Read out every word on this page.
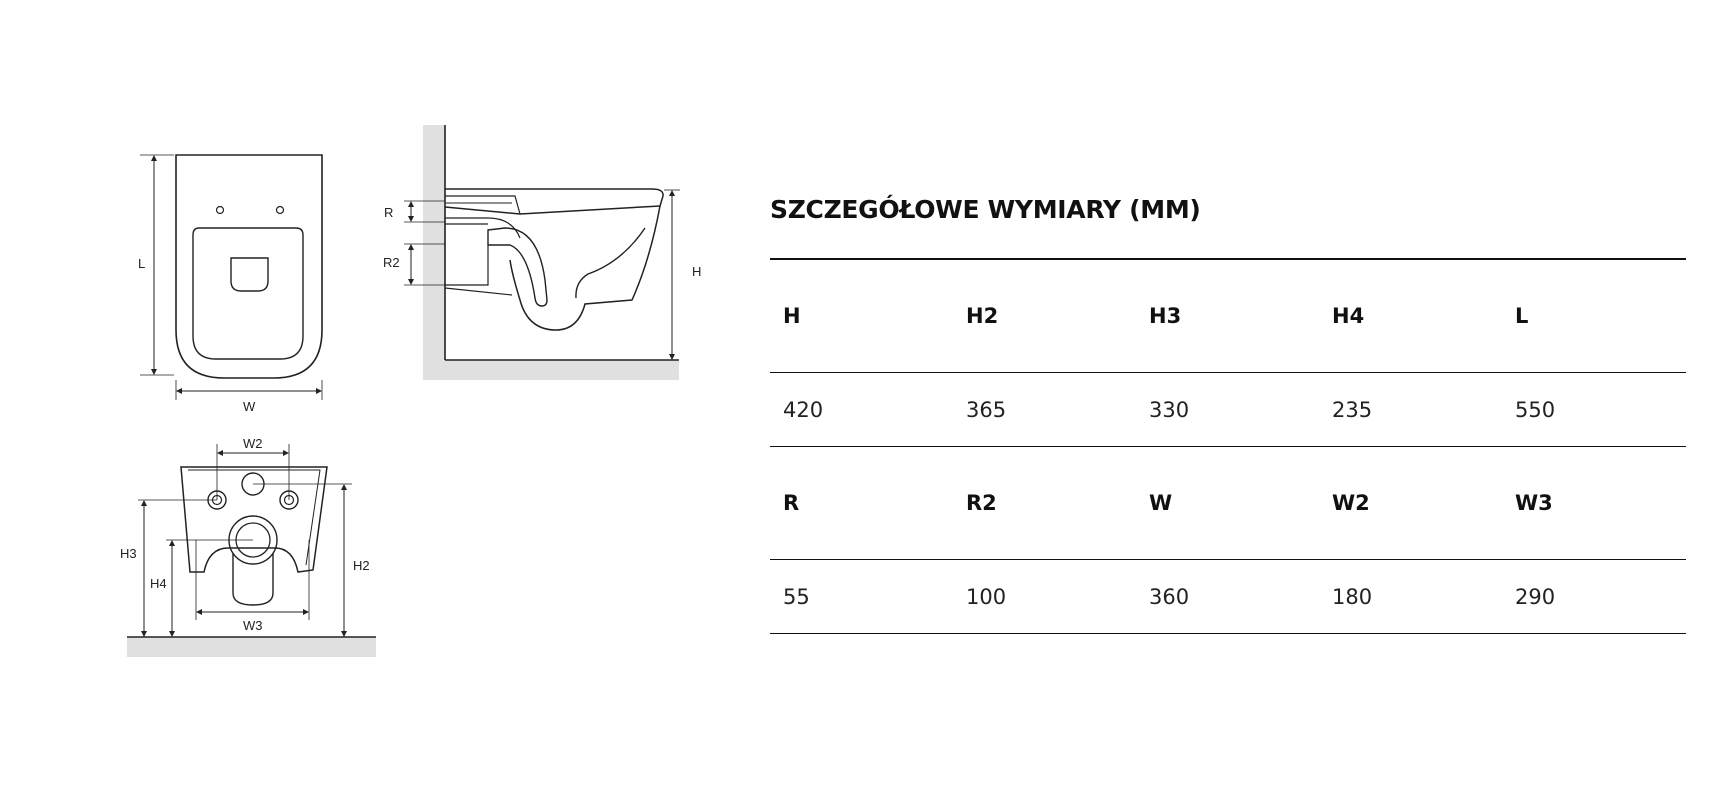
L
W
R
R2
H
W2
W3
H3
H4
H2
SZCZEGÓŁOWE WYMIARY (MM)
H	H2	H3	H4	L
420	365	330	235	550
R	R2	W	W2	W3
55	100	360	180	290
